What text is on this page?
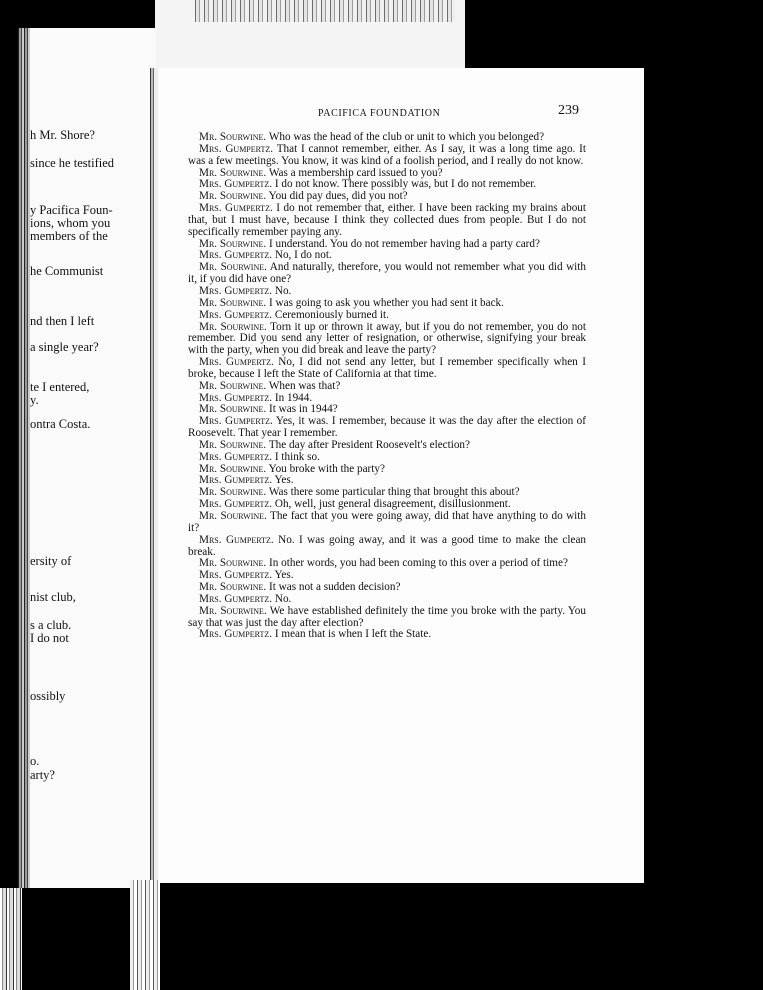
h Mr. Shore?
since he testified
y Pacifica Foun-
ions, whom you
members of the
he Communist
nd then I left
a single year?
te I entered,
y.
ontra Costa.
ersity of
nist club,
s a club.
I do not
ossibly
o.
arty?
PACIFICA FOUNDATION	239

Mr. Sourwine. Who was the head of the club or unit to which you belonged?

Mrs. Gumpertz. That I cannot remember, either. As I say, it was a long time ago. It was a few meetings. You know, it was kind of a foolish period, and I really do not know.

Mr. Sourwine. Was a membership card issued to you?

Mrs. Gumpertz. I do not know. There possibly was, but I do not remember.

Mr. Sourwine. You did pay dues, did you not?

Mrs. Gumpertz. I do not remember that, either. I have been racking my brains about that, but I must have, because I think they collected dues from people. But I do not specifically remember paying any.

Mr. Sourwine. I understand. You do not remember having had a party card?

Mrs. Gumpertz. No, I do not.

Mr. Sourwine. And naturally, therefore, you would not remember what you did with it, if you did have one?

Mrs. Gumpertz. No.

Mr. Sourwine. I was going to ask you whether you had sent it back.

Mrs. Gumpertz. Ceremoniously burned it.

Mr. Sourwine. Torn it up or thrown it away, but if you do not remember, you do not remember. Did you send any letter of resignation, or otherwise, signifying your break with the party, when you did break and leave the party?

Mrs. Gumpertz. No, I did not send any letter, but I remember specifically when I broke, because I left the State of California at that time.

Mr. Sourwine. When was that?

Mrs. Gumpertz. In 1944.

Mr. Sourwine. It was in 1944?

Mrs. Gumpertz. Yes, it was. I remember, because it was the day after the election of Roosevelt. That year I remember.

Mr. Sourwine. The day after President Roosevelt's election?

Mrs. Gumpertz. I think so.

Mr. Sourwine. You broke with the party?

Mrs. Gumpertz. Yes.

Mr. Sourwine. Was there some particular thing that brought this about?

Mrs. Gumpertz. Oh, well, just general disagreement, disillusionment.

Mr. Sourwine. The fact that you were going away, did that have anything to do with it?

Mrs. Gumpertz. No. I was going away, and it was a good time to make the clean break.

Mr. Sourwine. In other words, you had been coming to this over a period of time?

Mrs. Gumpertz. Yes.

Mr. Sourwine. It was not a sudden decision?

Mrs. Gumpertz. No.

Mr. Sourwine. We have established definitely the time you broke with the party. You say that was just the day after election?

Mrs. Gumpertz. I mean that is when I left the State.
